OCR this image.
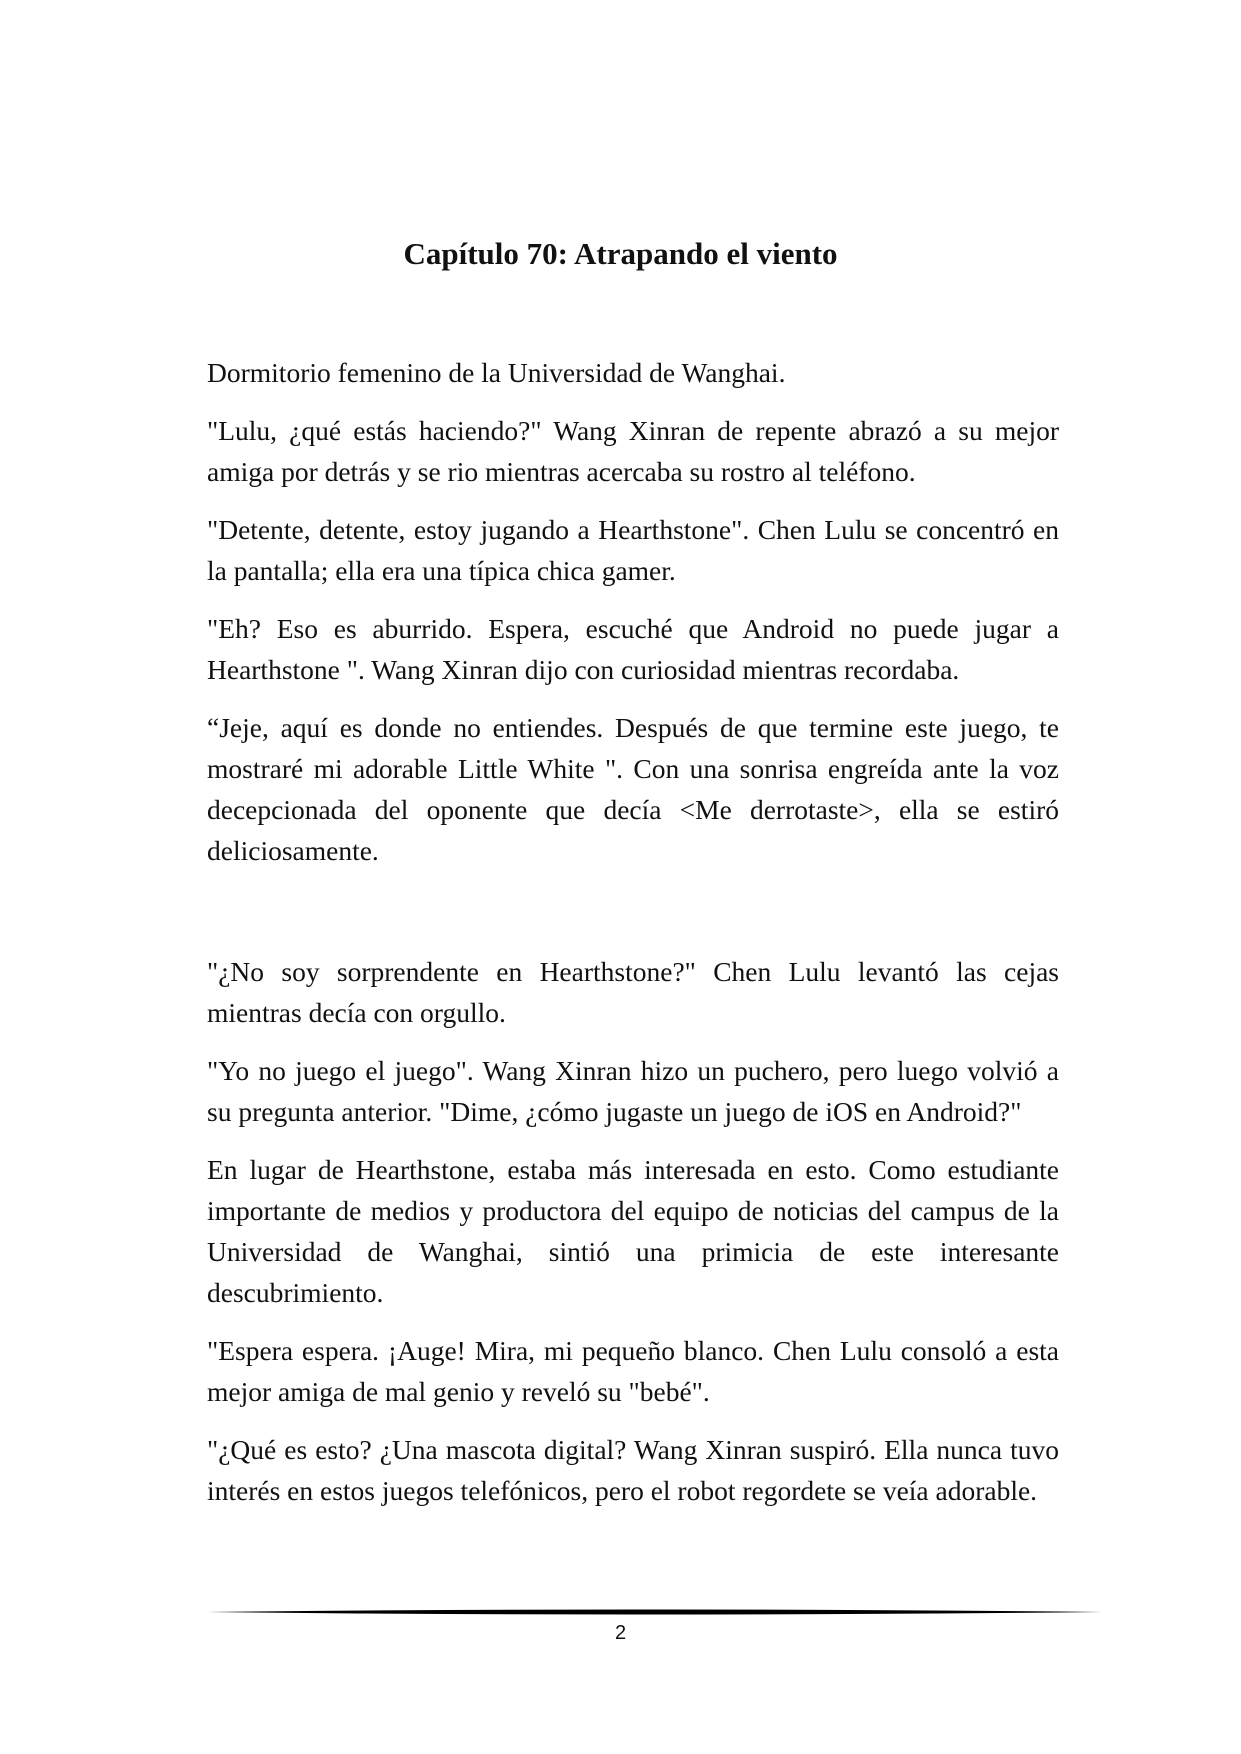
Capítulo 70: Atrapando el viento

Dormitorio femenino de la Universidad de Wanghai.

"Lulu, ¿qué estás haciendo?" Wang Xinran de repente abrazó a su mejor amiga por detrás y se rio mientras acercaba su rostro al teléfono.

"Detente, detente, estoy jugando a Hearthstone". Chen Lulu se concentró en la pantalla; ella era una típica chica gamer.

"Eh? Eso es aburrido. Espera, escuché que Android no puede jugar a Hearthstone ". Wang Xinran dijo con curiosidad mientras recordaba.

“Jeje, aquí es donde no entiendes. Después de que termine este juego, te mostraré mi adorable Little White ". Con una sonrisa engreída ante la voz decepcionada del oponente que decía <Me derrotaste>, ella se estiró deliciosamente.

"¿No soy sorprendente en Hearthstone?" Chen Lulu levantó las cejas mientras decía con orgullo.

"Yo no juego el juego". Wang Xinran hizo un puchero, pero luego volvió a su pregunta anterior. "Dime, ¿cómo jugaste un juego de iOS en Android?"

En lugar de Hearthstone, estaba más interesada en esto. Como estudiante importante de medios y productora del equipo de noticias del campus de la Universidad de Wanghai, sintió una primicia de este interesante descubrimiento.

"Espera espera. ¡Auge! Mira, mi pequeño blanco. Chen Lulu consoló a esta mejor amiga de mal genio y reveló su "bebé".

"¿Qué es esto? ¿Una mascota digital? Wang Xinran suspiró. Ella nunca tuvo interés en estos juegos telefónicos, pero el robot regordete se veía adorable.

2
